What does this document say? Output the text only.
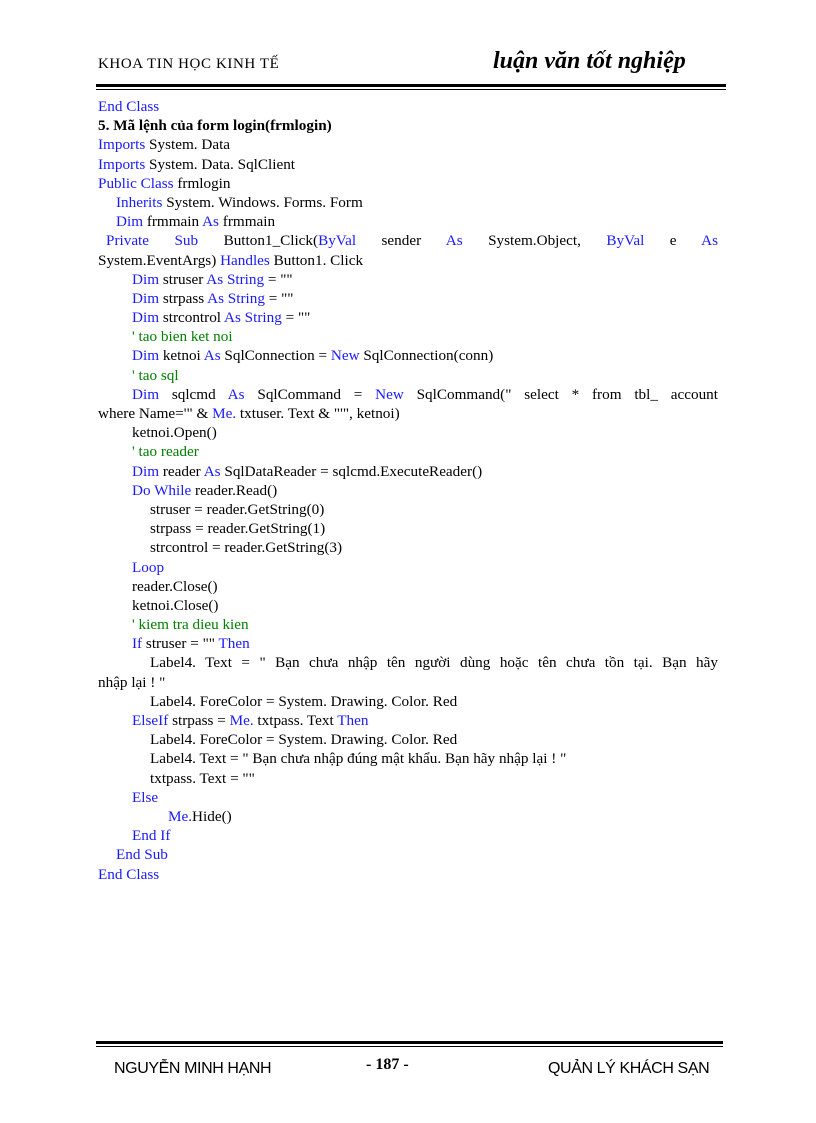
KHOA TIN HỌC KINH TẾ	luận văn tốt nghiệp
End Class
5. Mã lệnh của form login(frmlogin)
Imports System. Data
Imports System. Data. SqlClient
Public Class frmlogin
Inherits System. Windows. Forms. Form
Dim frmmain As frmmain
Private Sub Button1_Click(ByVal sender As System.Object, ByVal e As
System.EventArgs) Handles Button1. Click
Dim struser As String = ""
Dim strpass As String = ""
Dim strcontrol As String = ""
' tao bien ket noi
Dim ketnoi As SqlConnection = New SqlConnection(conn)
' tao sql
Dim sqlcmd As SqlCommand = New SqlCommand(" select * from tbl_ account
where Name='" & Me. txtuser. Text & "'", ketnoi)
ketnoi.Open()
' tao reader
Dim reader As SqlDataReader = sqlcmd.ExecuteReader()
Do While reader.Read()
struser = reader.GetString(0)
strpass = reader.GetString(1)
strcontrol = reader.GetString(3)
Loop
reader.Close()
ketnoi.Close()
' kiem tra dieu kien
If struser = "" Then
Label4. Text = " Bạn chưa nhập tên người dùng hoặc tên chưa tồn tại. Bạn hãy
nhập lại ! "
Label4. ForeColor = System. Drawing. Color. Red
ElseIf strpass = Me. txtpass. Text Then
Label4. ForeColor = System. Drawing. Color. Red
Label4. Text = " Bạn chưa nhập đúng mật khẩu. Bạn hãy nhập lại ! "
txtpass. Text = ""
Else
Me.Hide()
End If
End Sub
End Class
NGUYỄN MINH HẠNH	- 187 -	QUẢN LÝ KHÁCH SẠN
